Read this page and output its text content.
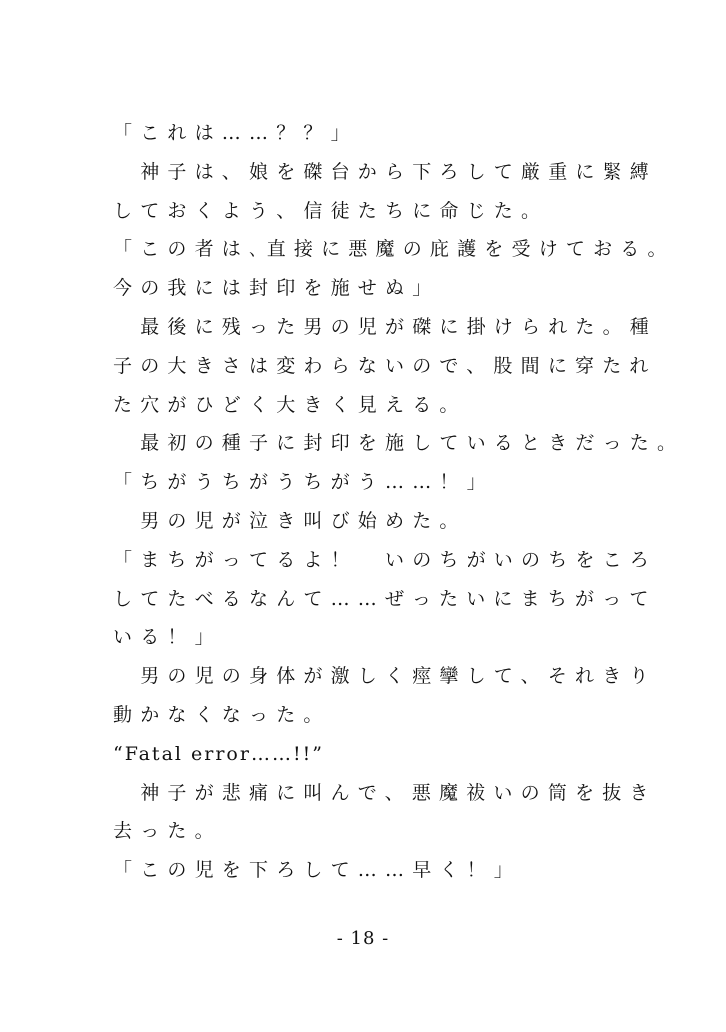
「これは……？？」
　神子は、娘を磔台から下ろして厳重に緊縛
しておくよう、信徒たちに命じた。
「この者は､直接に悪魔の庇護を受けておる。
今の我には封印を施せぬ」
　最後に残った男の児が磔に掛けられた。種
子の大きさは変わらないので、股間に穿たれ
た穴がひどく大きく見える。
　最初の種子に封印を施しているときだった。
「ちがうちがうちがう……！」
　男の児が泣き叫び始めた。
「まちがってるよ！　いのちがいのちをころ
してたべるなんて……ぜったいにまちがって
いる！」
　男の児の身体が激しく痙攣して、それきり
動かなくなった。
“Fatal error……!!”
　神子が悲痛に叫んで、悪魔祓いの筒を抜き
去った。
「この児を下ろして……早く！」
- 18 -
